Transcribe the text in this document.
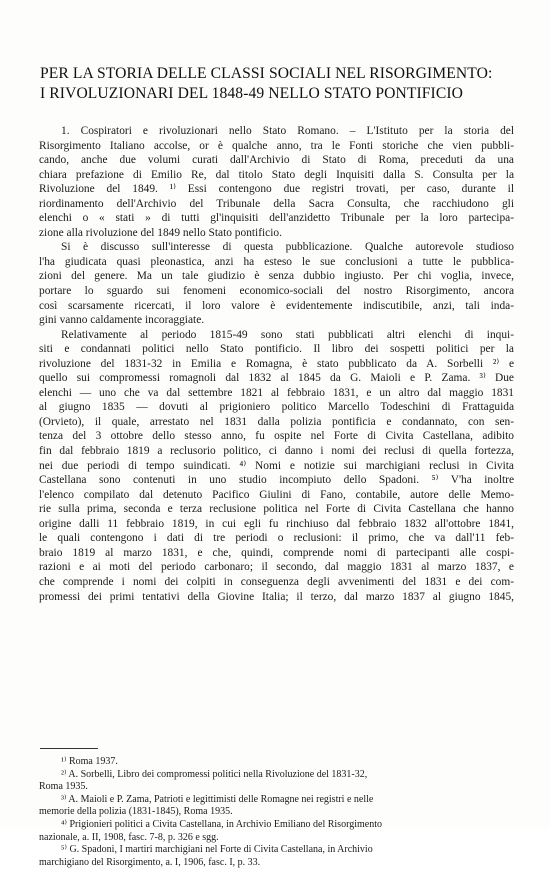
PER LA STORIA DELLE CLASSI SOCIALI NEL RISORGIMENTO:
I RIVOLUZIONARI DEL 1848-49 NELLO STATO PONTIFICIO
1. Cospiratori e rivoluzionari nello Stato Romano. – L'Istituto per la storia del
Risorgimento Italiano accolse, or è qualche anno, tra le Fonti storiche che vien pubbli-
cando, anche due volumi curati dall'Archivio di Stato di Roma, preceduti da una
chiara prefazione di Emilio Re, dal titolo Stato degli Inquisiti dalla S. Consulta per la
Rivoluzione del 1849. ¹⁾ Essi contengono due registri trovati, per caso, durante il
riordinamento dell'Archivio del Tribunale della Sacra Consulta, che racchiudono gli
elenchi o « stati » di tutti gl'inquisiti dell'anzidetto Tribunale per la loro partecipa-
zione alla rivoluzione del 1849 nello Stato pontificio.
Si è discusso sull'interesse di questa pubblicazione. Qualche autorevole studioso
l'ha giudicata quasi pleonastica, anzi ha esteso le sue conclusioni a tutte le pubblica-
zioni del genere. Ma un tale giudizio è senza dubbio ingiusto. Per chi voglia, invece,
portare lo sguardo sui fenomeni economico-sociali del nostro Risorgimento, ancora
così scarsamente ricercati, il loro valore è evidentemente indiscutibile, anzi, tali inda-
gini vanno caldamente incoraggiate.
Relativamente al periodo 1815-49 sono stati pubblicati altri elenchi di inqui-
siti e condannati politici nello Stato pontificio. Il libro dei sospetti politici per la
rivoluzione del 1831-32 in Emilia e Romagna, è stato pubblicato da A. Sorbelli ²⁾ e
quello sui compromessi romagnoli dal 1832 al 1845 da G. Maioli e P. Zama. ³⁾ Due
elenchi — uno che va dal settembre 1821 al febbraio 1831, e un altro dal maggio 1831
al giugno 1835 — dovuti al prigioniero politico Marcello Todeschini di Frattaguida
(Orvieto), il quale, arrestato nel 1831 dalla polizia pontificia e condannato, con sen-
tenza del 3 ottobre dello stesso anno, fu ospite nel Forte di Civita Castellana, adibito
fin dal febbraio 1819 a reclusorio politico, ci danno i nomi dei reclusi di quella fortezza,
nei due periodi di tempo suindicati. ⁴⁾ Nomi e notizie sui marchigiani reclusi in Civita
Castellana sono contenuti in uno studio incompiuto dello Spadoni. ⁵⁾ V'ha inoltre
l'elenco compilato dal detenuto Pacifico Giulini di Fano, contabile, autore delle Memo-
rie sulla prima, seconda e terza reclusione politica nel Forte di Civita Castellana che hanno
origine dalli 11 febbraio 1819, in cui egli fu rinchiuso dal febbraio 1832 all'ottobre 1841,
le quali contengono i dati di tre periodi o reclusioni: il primo, che va dall'11 feb-
braio 1819 al marzo 1831, e che, quindi, comprende nomi di partecipanti alle cospi-
razioni e ai moti del periodo carbonaro; il secondo, dal maggio 1831 al marzo 1837, e
che comprende i nomi dei colpiti in conseguenza degli avvenimenti del 1831 e dei com-
promessi dei primi tentativi della Giovine Italia; il terzo, dal marzo 1837 al giugno 1845,
¹⁾ Roma 1937.
²⁾ A. Sorbelli, Libro dei compromessi politici nella Rivoluzione del 1831-32,
Roma 1935.
³⁾ A. Maioli e P. Zama, Patrioti e legittimisti delle Romagne nei registri e nelle
memorie della polizia (1831-1845), Roma 1935.
⁴⁾ Prigionieri politici a Civita Castellana, in Archivio Emiliano del Risorgimento
nazionale, a. II, 1908, fasc. 7-8, p. 326 e sgg.
⁵⁾ G. Spadoni, I martiri marchigiani nel Forte di Civita Castellana, in Archivio
marchigiano del Risorgimento, a. I, 1906, fasc. I, p. 33.
